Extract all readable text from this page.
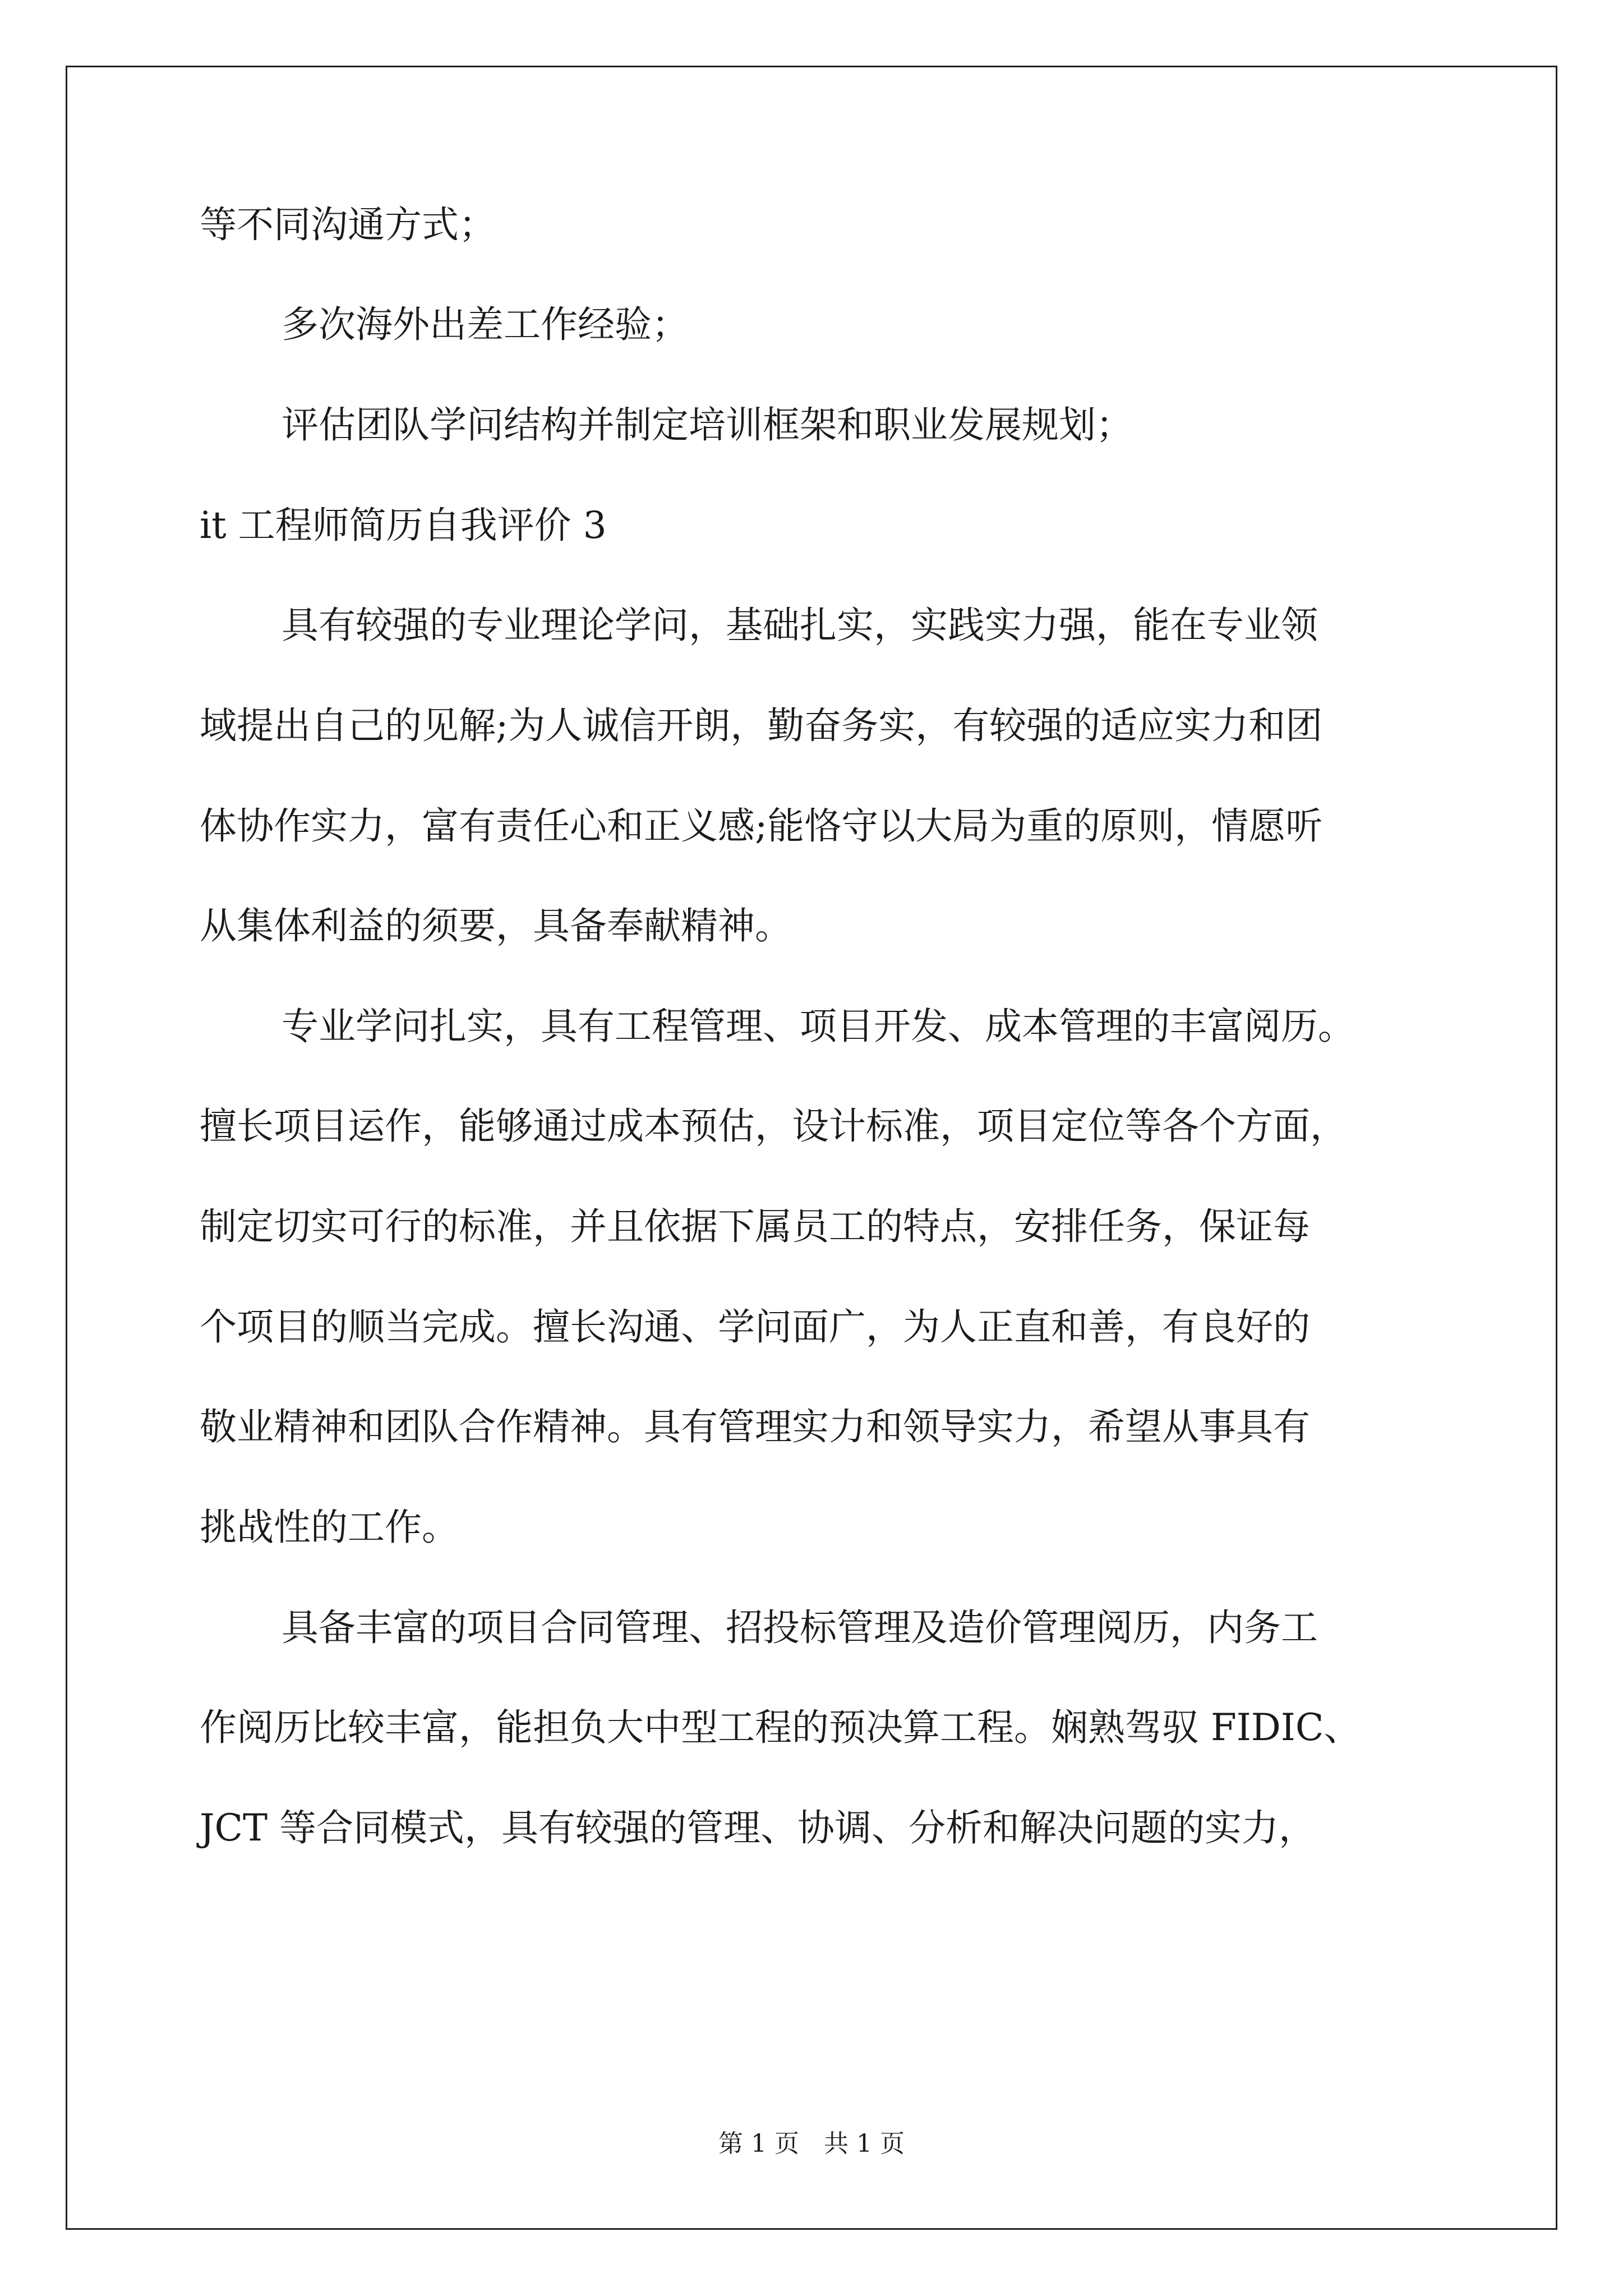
等不同沟通方式；
多次海外出差工作经验；
评估团队学问结构并制定培训框架和职业发展规划；
it 工程师简历自我评价 3
具有较强的专业理论学问，基础扎实，实践实力强，能在专业领
域提出自己的见解;为人诚信开朗，勤奋务实，有较强的适应实力和团
体协作实力，富有责任心和正义感;能恪守以大局为重的原则，情愿听
从集体利益的须要，具备奉献精神。
专业学问扎实，具有工程管理、项目开发、成本管理的丰富阅历。
擅长项目运作，能够通过成本预估，设计标准，项目定位等各个方面，
制定切实可行的标准，并且依据下属员工的特点，安排任务，保证每
个项目的顺当完成。擅长沟通、学问面广，为人正直和善，有良好的
敬业精神和团队合作精神。具有管理实力和领导实力，希望从事具有
挑战性的工作。
具备丰富的项目合同管理、招投标管理及造价管理阅历，内务工
作阅历比较丰富，能担负大中型工程的预决算工程。娴熟驾驭 FIDIC、
JCT 等合同模式，具有较强的管理、协调、分析和解决问题的实力，
第 1 页　共 1 页
